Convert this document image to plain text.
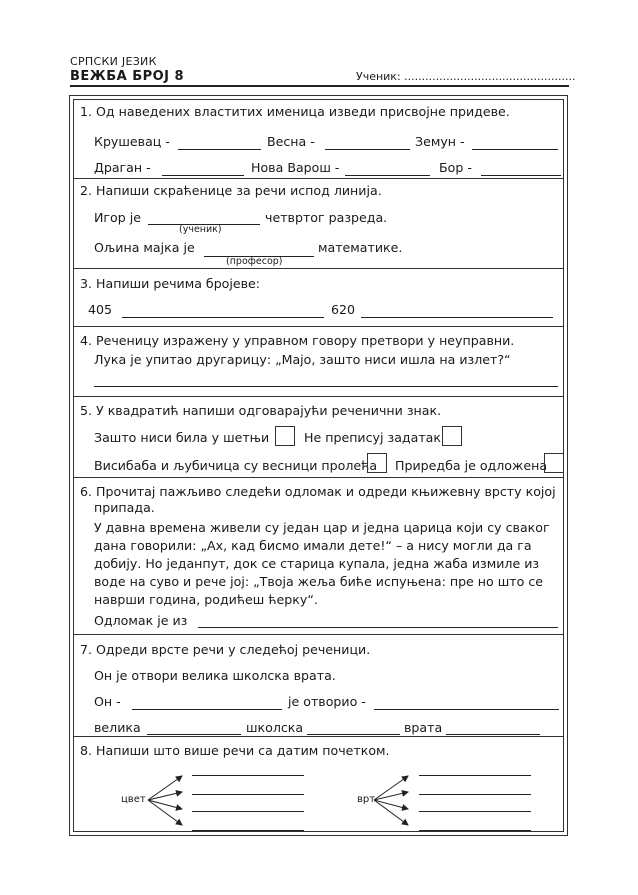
СРПСКИ ЈЕЗИК
ВЕЖБА БРОЈ 8	Ученик: .................................................
1. Од наведених властитих именица изведи присвојне придеве.
Крушевац -	Весна -	Земун -
Драган -	Нова Варош -	Бор -
2. Напиши скраћенице за речи испод линија.
Игор је	четвртог разреда.
(ученик)
Ољина мајка је	математике.
(професор)
3. Напиши речима бројеве:
405	620
4. Реченицу изражену у управном говору претвори у неуправни.
Лука је упитао другарицу: „Мајо, зашто ниси ишла на излет?“
5. У квадратић напиши одговарајући реченични знак.
Зашто ниси била у шетњи	Не преписуј задатак
Висибаба и љубичица су весници пролећа Приредба је одложена
6. Прочитај пажљиво следећи одломак и одреди књижевну врсту којој
припада.
У давна времена живели су један цар и једна царица који су сваког
дана говорили: „Ах, кад бисмо имали дете!“ – а нису могли да га
добију. Но једанпут, док се старица купала, једна жаба измиле из
воде на суво и рече јој: „Твоја жеља биће испуњена: пре но што се
наврши година, родићеш ћерку“.
Одломак је из
7. Одреди врсте речи у следећој реченици.
Он је отвори велика школска врата.
Он -	је отворио -
велика	школска	врата
8. Напиши што више речи са датим почетком.
цвет	врт
